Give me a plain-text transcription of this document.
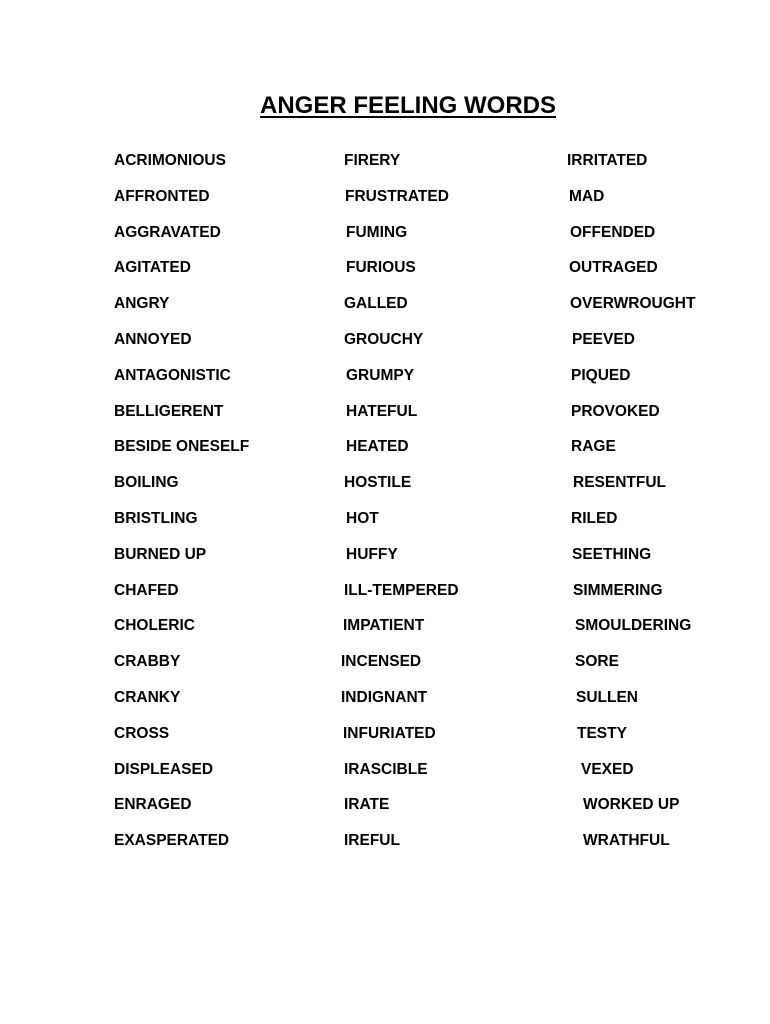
ANGER FEELING WORDS
ACRIMONIOUS
AFFRONTED
AGGRAVATED
AGITATED
ANGRY
ANNOYED
ANTAGONISTIC
BELLIGERENT
BESIDE ONESELF
BOILING
BRISTLING
BURNED UP
CHAFED
CHOLERIC
CRABBY
CRANKY
CROSS
DISPLEASED
ENRAGED
EXASPERATED
FIRERY
FRUSTRATED
FUMING
FURIOUS
GALLED
GROUCHY
GRUMPY
HATEFUL
HEATED
HOSTILE
HOT
HUFFY
ILL-TEMPERED
IMPATIENT
INCENSED
INDIGNANT
INFURIATED
IRASCIBLE
IRATE
IREFUL
IRRITATED
MAD
OFFENDED
OUTRAGED
OVERWROUGHT
PEEVED
PIQUED
PROVOKED
RAGE
RESENTFUL
RILED
SEETHING
SIMMERING
SMOULDERING
SORE
SULLEN
TESTY
VEXED
WORKED UP
WRATHFUL
